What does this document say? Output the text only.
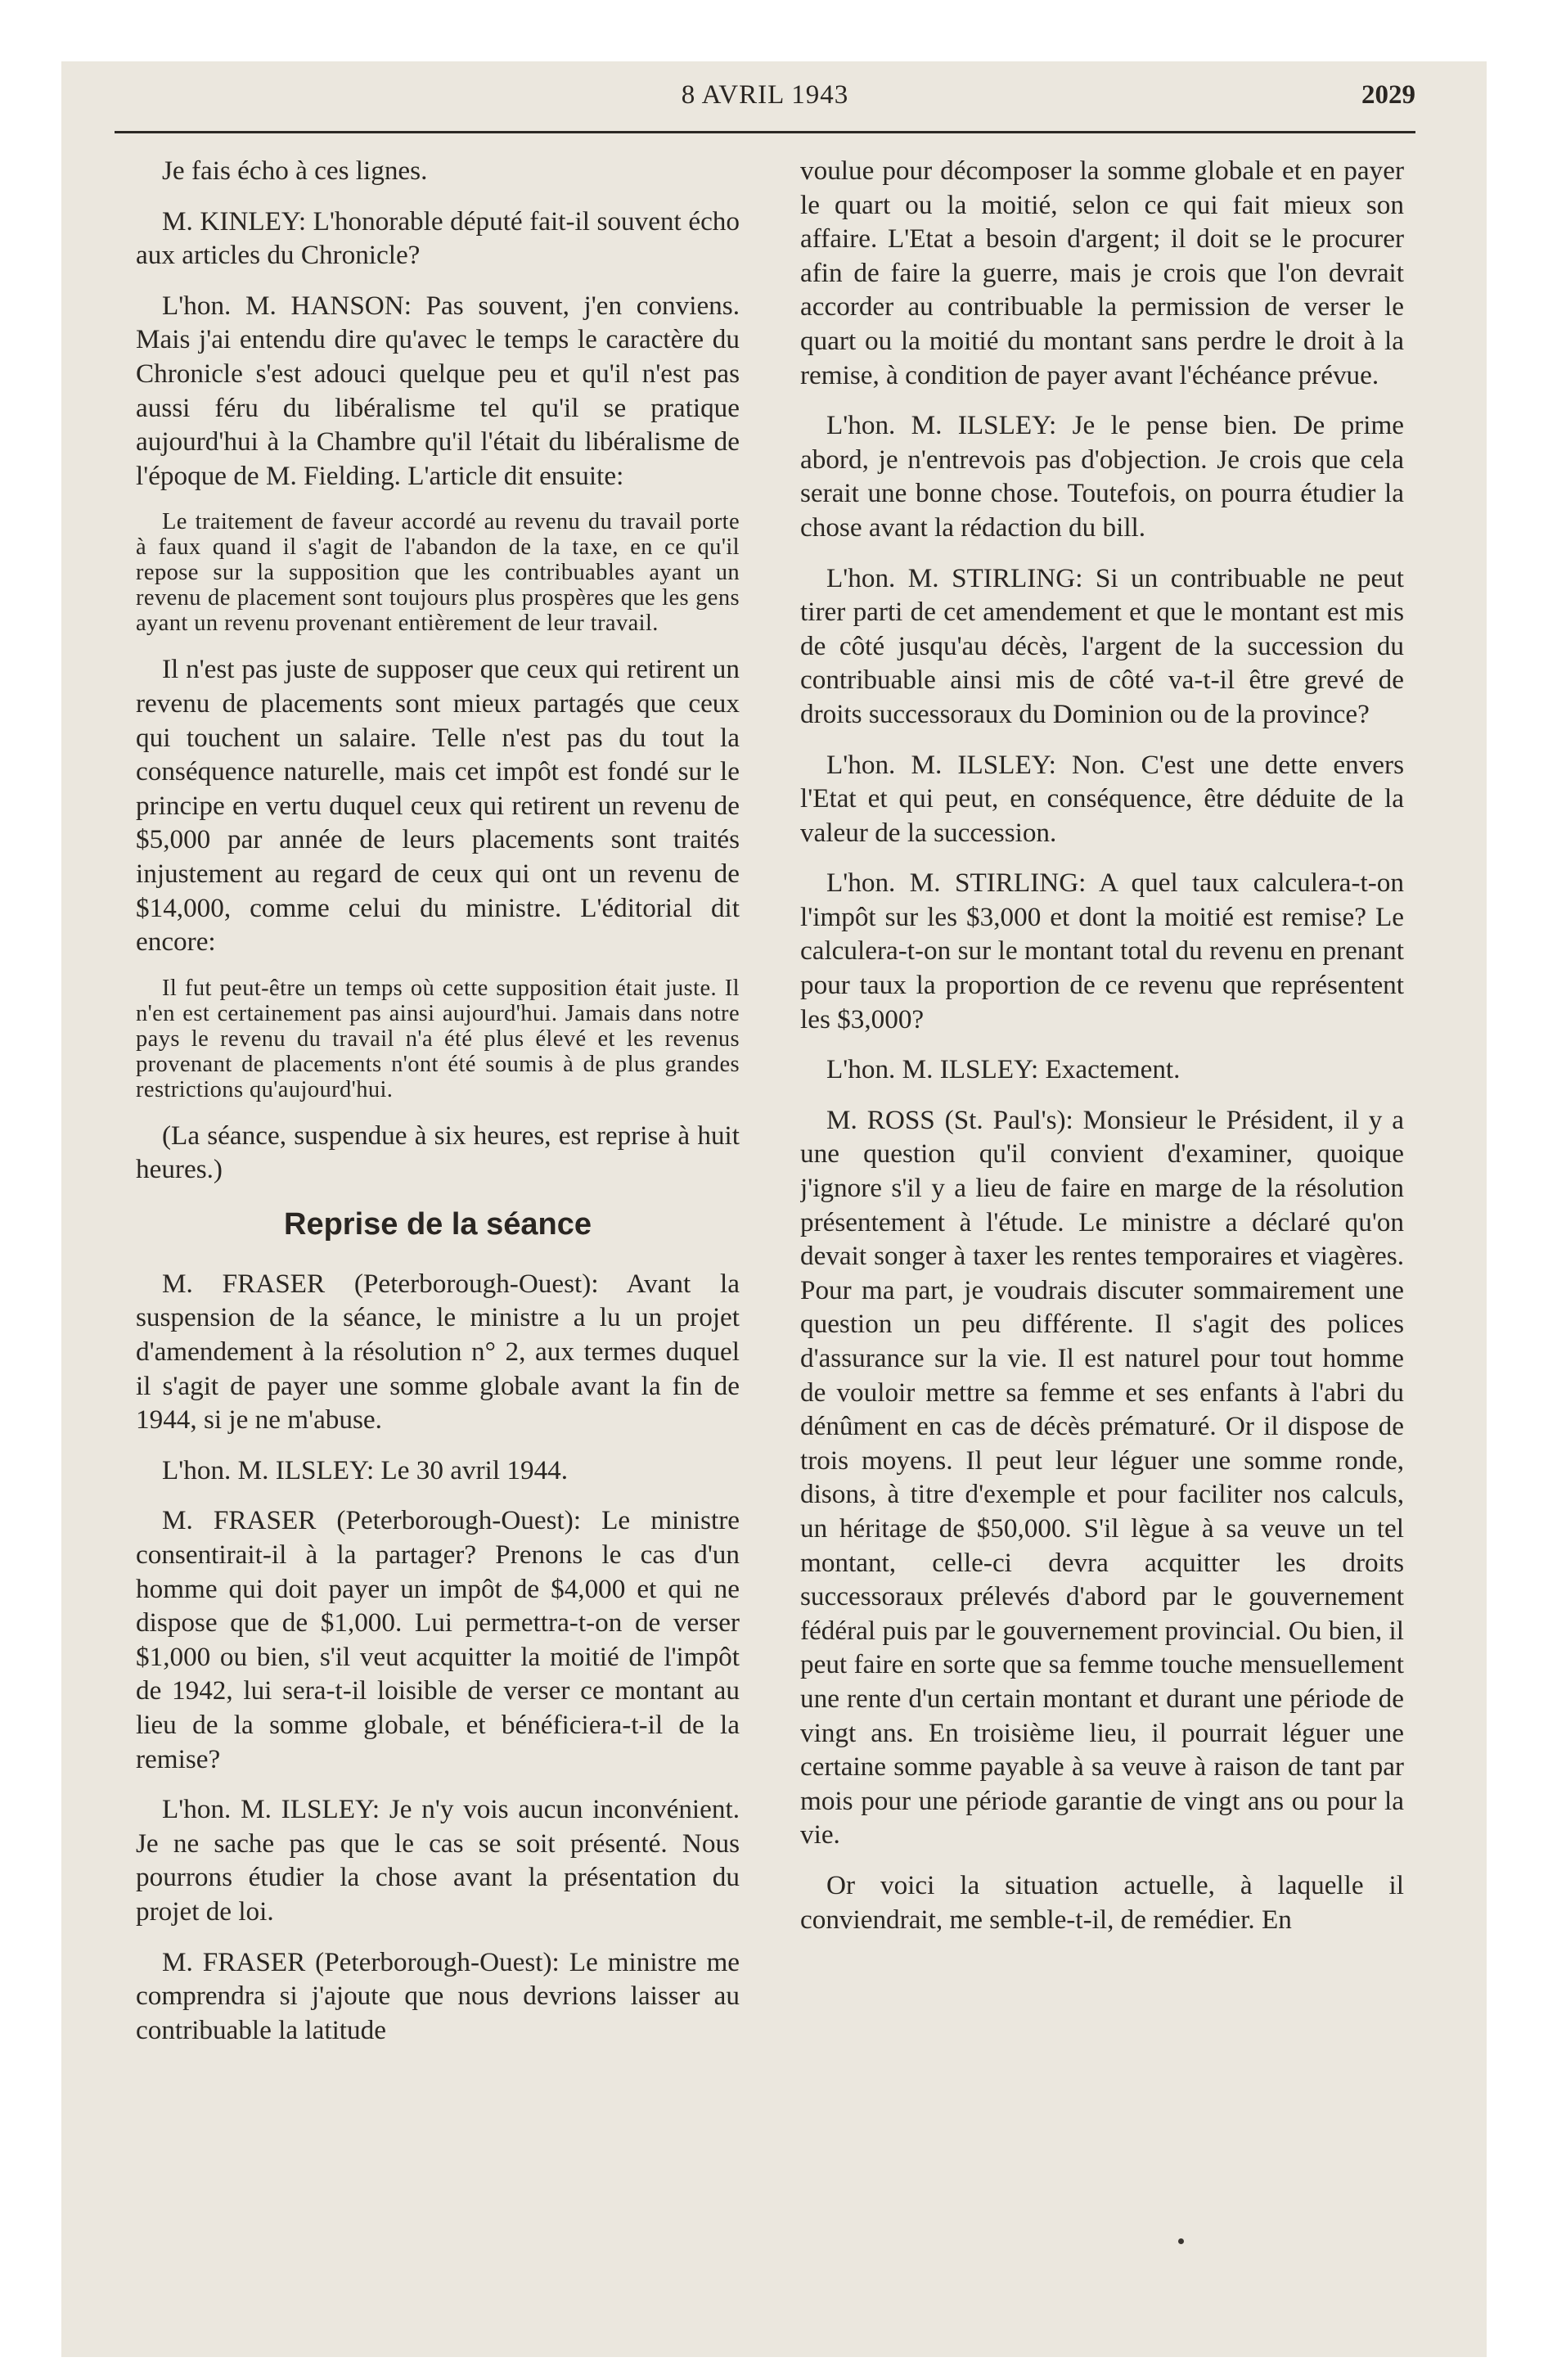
8 AVRIL 1943	2029

Je fais écho à ces lignes.

M. KINLEY: L'honorable député fait-il souvent écho aux articles du Chronicle?

L'hon. M. HANSON: Pas souvent, j'en conviens. Mais j'ai entendu dire qu'avec le temps le caractère du Chronicle s'est adouci quelque peu et qu'il n'est pas aussi féru du libéralisme tel qu'il se pratique aujourd'hui à la Chambre qu'il l'était du libéralisme de l'époque de M. Fielding. L'article dit ensuite:

Le traitement de faveur accordé au revenu du travail porte à faux quand il s'agit de l'abandon de la taxe, en ce qu'il repose sur la supposition que les contribuables ayant un revenu de placement sont toujours plus prospères que les gens ayant un revenu provenant entièrement de leur travail.

Il n'est pas juste de supposer que ceux qui retirent un revenu de placements sont mieux partagés que ceux qui touchent un salaire. Telle n'est pas du tout la conséquence naturelle, mais cet impôt est fondé sur le principe en vertu duquel ceux qui retirent un revenu de $5,000 par année de leurs placements sont traités injustement au regard de ceux qui ont un revenu de $14,000, comme celui du ministre. L'éditorial dit encore:

Il fut peut-être un temps où cette supposition était juste. Il n'en est certainement pas ainsi aujourd'hui. Jamais dans notre pays le revenu du travail n'a été plus élevé et les revenus provenant de placements n'ont été soumis à de plus grandes restrictions qu'aujourd'hui.

(La séance, suspendue à six heures, est reprise à huit heures.)

Reprise de la séance

M. FRASER (Peterborough-Ouest): Avant la suspension de la séance, le ministre a lu un projet d'amendement à la résolution n° 2, aux termes duquel il s'agit de payer une somme globale avant la fin de 1944, si je ne m'abuse.

L'hon. M. ILSLEY: Le 30 avril 1944.

M. FRASER (Peterborough-Ouest): Le ministre consentirait-il à la partager? Prenons le cas d'un homme qui doit payer un impôt de $4,000 et qui ne dispose que de $1,000. Lui permettra-t-on de verser $1,000 ou bien, s'il veut acquitter la moitié de l'impôt de 1942, lui sera-t-il loisible de verser ce montant au lieu de la somme globale, et bénéficiera-t-il de la remise?

L'hon. M. ILSLEY: Je n'y vois aucun inconvénient. Je ne sache pas que le cas se soit présenté. Nous pourrons étudier la chose avant la présentation du projet de loi.

M. FRASER (Peterborough-Ouest): Le ministre me comprendra si j'ajoute que nous devrions laisser au contribuable la latitude

voulue pour décomposer la somme globale et en payer le quart ou la moitié, selon ce qui fait mieux son affaire. L'Etat a besoin d'argent; il doit se le procurer afin de faire la guerre, mais je crois que l'on devrait accorder au contribuable la permission de verser le quart ou la moitié du montant sans perdre le droit à la remise, à condition de payer avant l'échéance prévue.

L'hon. M. ILSLEY: Je le pense bien. De prime abord, je n'entrevois pas d'objection. Je crois que cela serait une bonne chose. Toutefois, on pourra étudier la chose avant la rédaction du bill.

L'hon. M. STIRLING: Si un contribuable ne peut tirer parti de cet amendement et que le montant est mis de côté jusqu'au décès, l'argent de la succession du contribuable ainsi mis de côté va-t-il être grevé de droits successoraux du Dominion ou de la province?

L'hon. M. ILSLEY: Non. C'est une dette envers l'Etat et qui peut, en conséquence, être déduite de la valeur de la succession.

L'hon. M. STIRLING: A quel taux calculera-t-on l'impôt sur les $3,000 et dont la moitié est remise? Le calculera-t-on sur le montant total du revenu en prenant pour taux la proportion de ce revenu que représentent les $3,000?

L'hon. M. ILSLEY: Exactement.

M. ROSS (St. Paul's): Monsieur le Président, il y a une question qu'il convient d'examiner, quoique j'ignore s'il y a lieu de faire en marge de la résolution présentement à l'étude. Le ministre a déclaré qu'on devait songer à taxer les rentes temporaires et viagères. Pour ma part, je voudrais discuter sommairement une question un peu différente. Il s'agit des polices d'assurance sur la vie. Il est naturel pour tout homme de vouloir mettre sa femme et ses enfants à l'abri du dénûment en cas de décès prématuré. Or il dispose de trois moyens. Il peut leur léguer une somme ronde, disons, à titre d'exemple et pour faciliter nos calculs, un héritage de $50,000. S'il lègue à sa veuve un tel montant, celle-ci devra acquitter les droits successoraux prélevés d'abord par le gouvernement fédéral puis par le gouvernement provincial. Ou bien, il peut faire en sorte que sa femme touche mensuellement une rente d'un certain montant et durant une période de vingt ans. En troisième lieu, il pourrait léguer une certaine somme payable à sa veuve à raison de tant par mois pour une période garantie de vingt ans ou pour la vie.

Or voici la situation actuelle, à laquelle il conviendrait, me semble-t-il, de remédier. En
